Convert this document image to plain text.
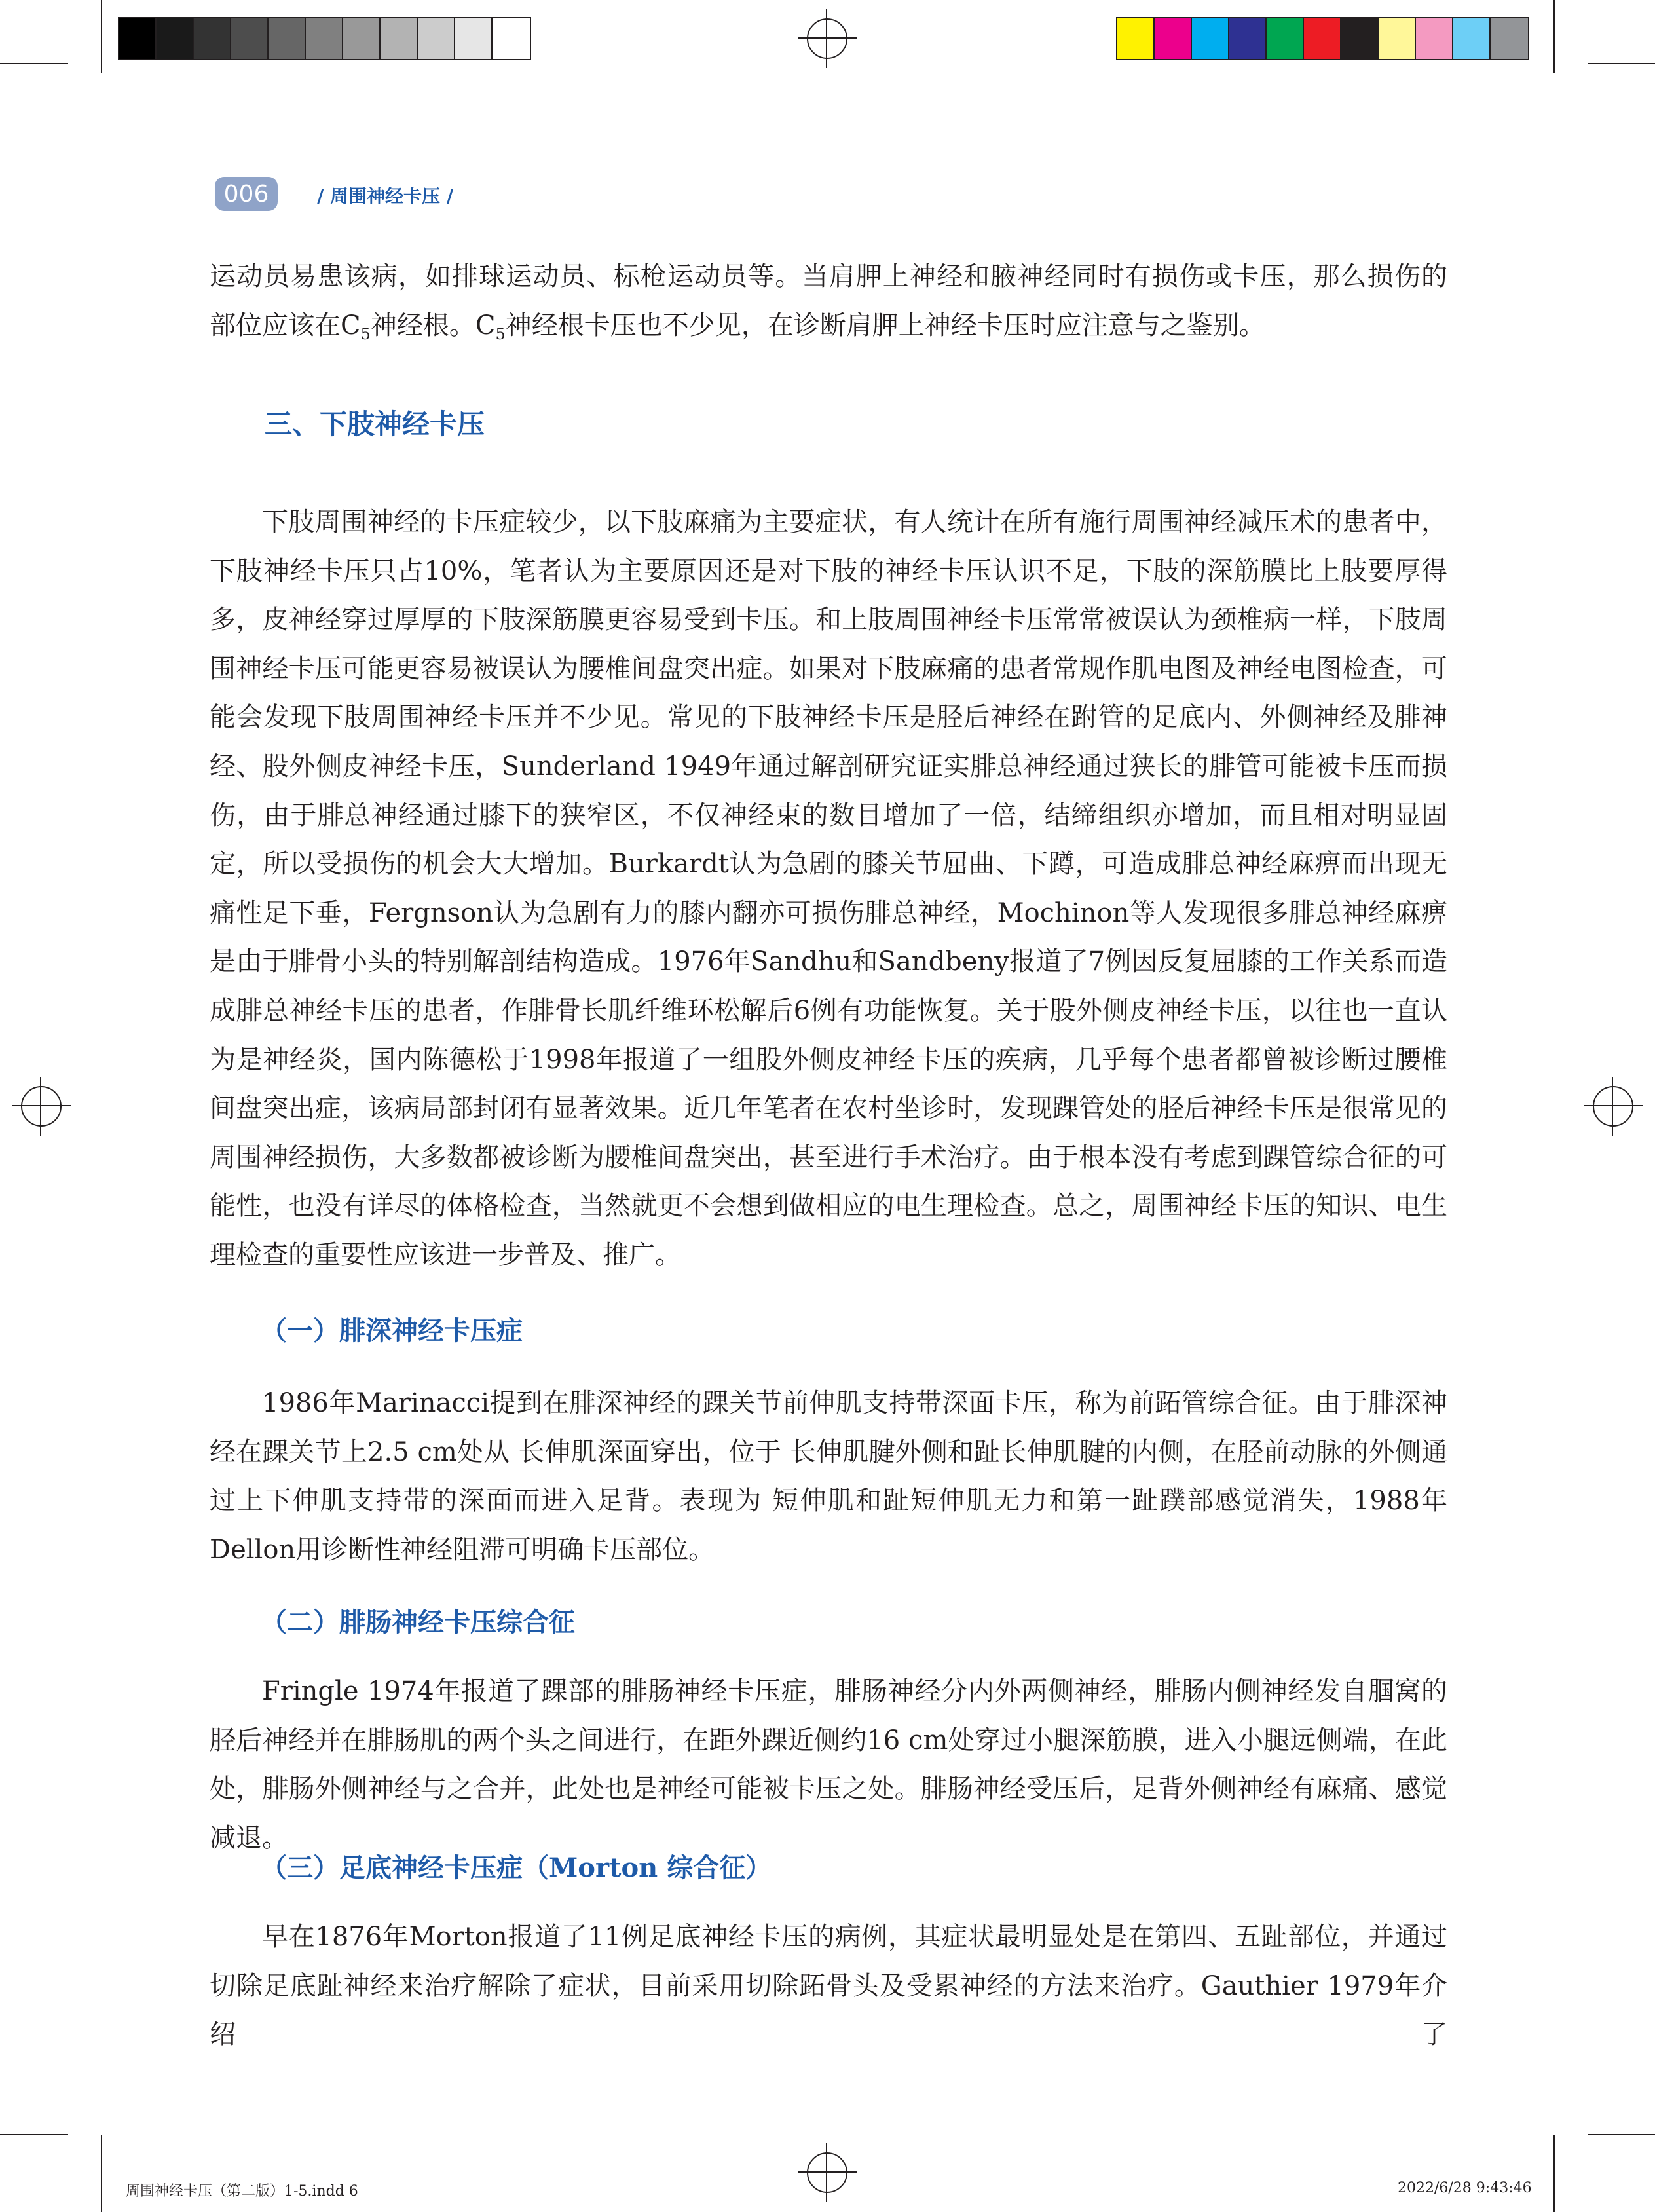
006	/ 周围神经卡压 /
运动员易患该病，如排球运动员、标枪运动员等。当肩胛上神经和腋神经同时有损伤或卡压，那么损伤的
部位应该在$C_5$神经根。$C_5$神经根卡压也不少见，在诊断肩胛上神经卡压时应注意与之鉴别。
三、下肢神经卡压
下肢周围神经的卡压症较少，以下肢麻痛为主要症状，有人统计在所有施行周围神经减压术的患者中，下肢神经卡压只占10%，笔者认为主要原因还是对下肢的神经卡压认识不足，下肢的深筋膜比上肢要厚得多，皮神经穿过厚厚的下肢深筋膜更容易受到卡压。和上肢周围神经卡压常常被误认为颈椎病一样，下肢周围神经卡压可能更容易被误认为腰椎间盘突出症。如果对下肢麻痛的患者常规作肌电图及神经电图检查，可能会发现下肢周围神经卡压并不少见。常见的下肢神经卡压是胫后神经在跗管的足底内、外侧神经及腓神经、股外侧皮神经卡压，Sunderland 1949年通过解剖研究证实腓总神经通过狭长的腓管可能被卡压而损伤，由于腓总神经通过膝下的狭窄区，不仅神经束的数目增加了一倍，结缔组织亦增加，而且相对明显固定，所以受损伤的机会大大增加。Burkardt认为急剧的膝关节屈曲、下蹲，可造成腓总神经麻痹而出现无痛性足下垂，Fergnson认为急剧有力的膝内翻亦可损伤腓总神经，Mochinon等人发现很多腓总神经麻痹是由于腓骨小头的特别解剖结构造成。1976年Sandhu和Sandbeny报道了7例因反复屈膝的工作关系而造成腓总神经卡压的患者，作腓骨长肌纤维环松解后6例有功能恢复。关于股外侧皮神经卡压，以往也一直认为是神经炎，国内陈德松于1998年报道了一组股外侧皮神经卡压的疾病，几乎每个患者都曾被诊断过腰椎间盘突出症，该病局部封闭有显著效果。近几年笔者在农村坐诊时，发现踝管处的胫后神经卡压是很常见的周围神经损伤，大多数都被诊断为腰椎间盘突出，甚至进行手术治疗。由于根本没有考虑到踝管综合征的可能性，也没有详尽的体格检查，当然就更不会想到做相应的电生理检查。总之，周围神经卡压的知识、电生理检查的重要性应该进一步普及、推广。
（一）腓深神经卡压症
1986年Marinacci提到在腓深神经的踝关节前伸肌支持带深面卡压，称为前跖管综合征。由于腓深神经在踝关节上2.5 cm处从 长伸肌深面穿出，位于 长伸肌腱外侧和趾长伸肌腱的内侧，在胫前动脉的外侧通过上下伸肌支持带的深面而进入足背。表现为 短伸肌和趾短伸肌无力和第一趾蹼部感觉消失，1988年Dellon用诊断性神经阻滞可明确卡压部位。
（二）腓肠神经卡压综合征
Fringle 1974年报道了踝部的腓肠神经卡压症，腓肠神经分内外两侧神经，腓肠内侧神经发自腘窝的胫后神经并在腓肠肌的两个头之间进行，在距外踝近侧约16 cm处穿过小腿深筋膜，进入小腿远侧端，在此处，腓肠外侧神经与之合并，此处也是神经可能被卡压之处。腓肠神经受压后，足背外侧神经有麻痛、感觉减退。
（三）足底神经卡压症（Morton 综合征）
早在1876年Morton报道了11例足底神经卡压的病例，其症状最明显处是在第四、五趾部位，并通过切除足底趾神经来治疗解除了症状，目前采用切除跖骨头及受累神经的方法来治疗。Gauthier 1979年介绍了
周围神经卡压（第二版）1-5.indd 6	2022/6/28 9:43:46
